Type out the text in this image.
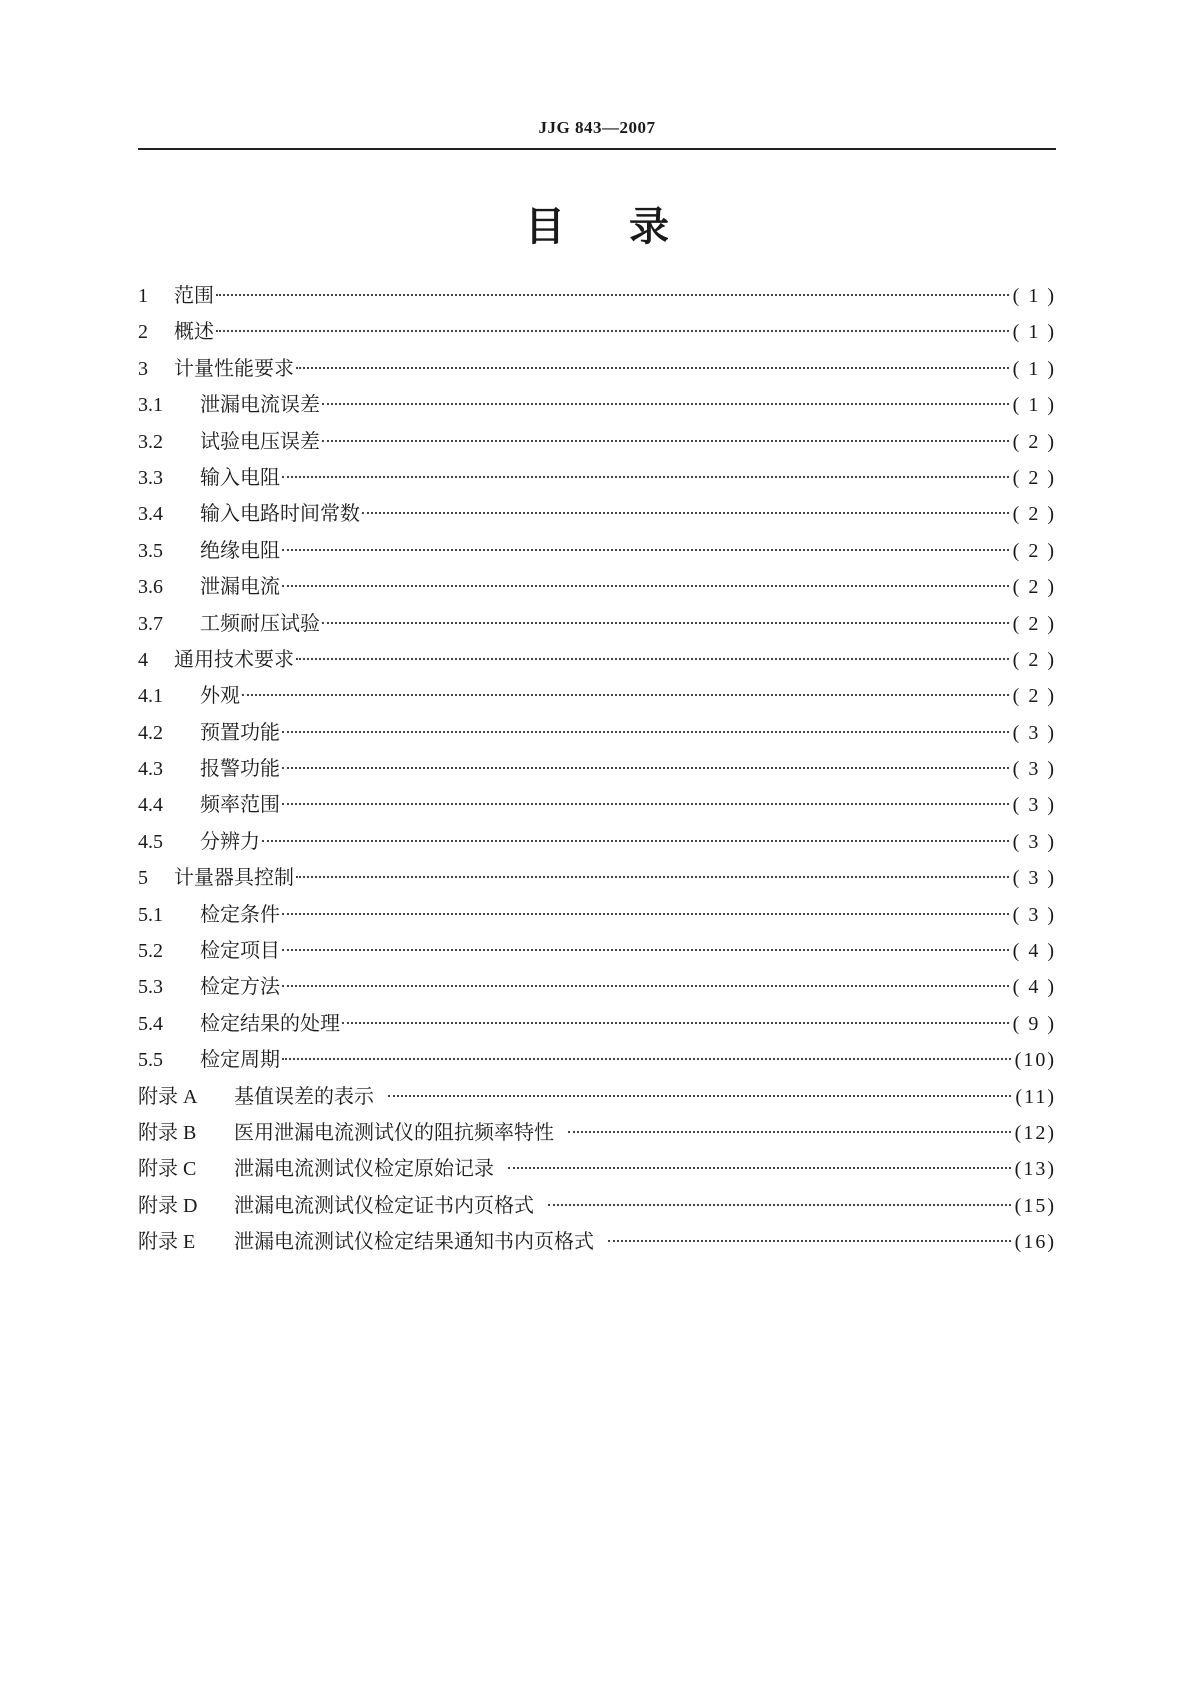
JJG 843—2007
目录
1	范围	( 1 )
2	概述	( 1 )
3	计量性能要求	( 1 )
3.1	泄漏电流误差	( 1 )
3.2	试验电压误差	( 2 )
3.3	输入电阻	( 2 )
3.4	输入电路时间常数	( 2 )
3.5	绝缘电阻	( 2 )
3.6	泄漏电流	( 2 )
3.7	工频耐压试验	( 2 )
4	通用技术要求	( 2 )
4.1	外观	( 2 )
4.2	预置功能	( 3 )
4.3	报警功能	( 3 )
4.4	频率范围	( 3 )
4.5	分辨力	( 3 )
5	计量器具控制	( 3 )
5.1	检定条件	( 3 )
5.2	检定项目	( 4 )
5.3	检定方法	( 4 )
5.4	检定结果的处理	( 9 )
5.5	检定周期	(10)
附录 A	基值误差的表示	(11)
附录 B	医用泄漏电流测试仪的阻抗频率特性	(12)
附录 C	泄漏电流测试仪检定原始记录	(13)
附录 D	泄漏电流测试仪检定证书内页格式	(15)
附录 E	泄漏电流测试仪检定结果通知书内页格式	(16)
